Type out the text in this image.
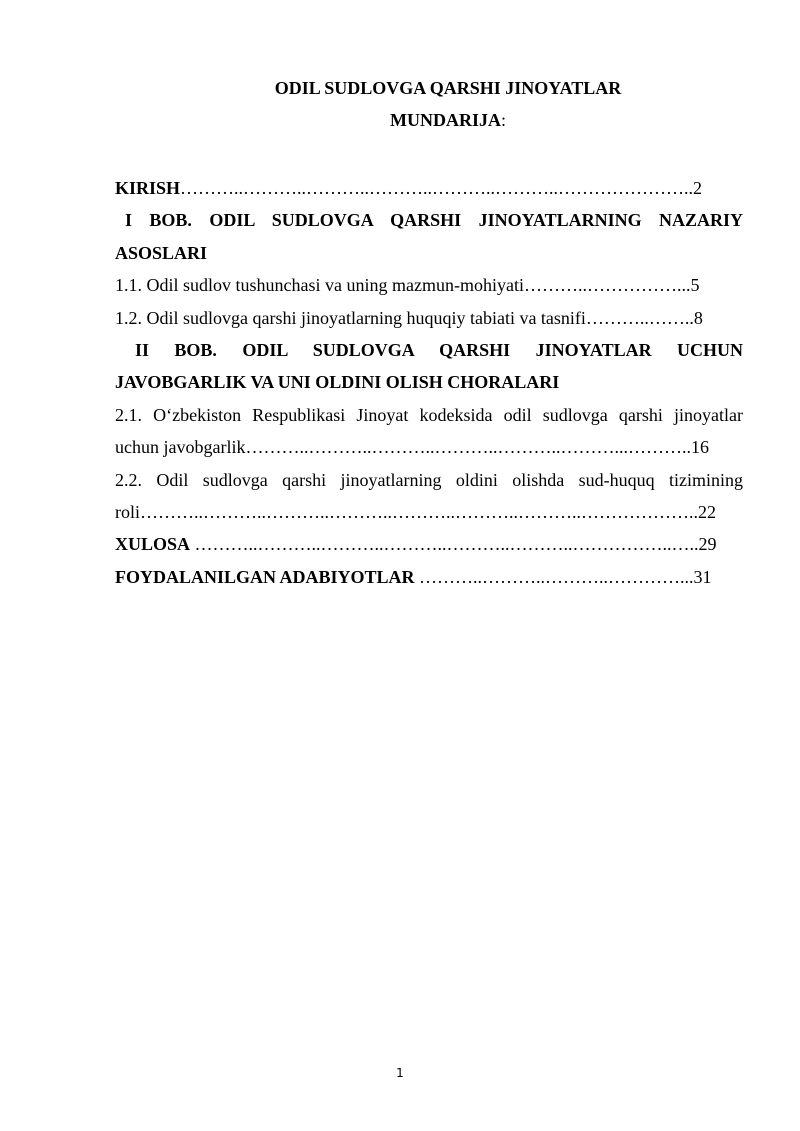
ODIL SUDLOVGA QARSHI JINOYATLAR
MUNDARIJA:
KIRISH………..………..………..………..………..………..…………………..2
I BOB. ODIL SUDLOVGA QARSHI JINOYATLARNING NAZARIY
ASOSLARI
1.1. Odil sudlov tushunchasi va uning mazmun-mohiyati………..……………...5
1.2. Odil sudlovga qarshi jinoyatlarning huquqiy tabiati va tasnifi………..……..8
II BOB. ODIL SUDLOVGA QARSHI JINOYATLAR UCHUN
JAVOBGARLIK VA UNI OLDINI OLISH CHORALARI
2.1. O‘zbekiston Respublikasi Jinoyat kodeksida odil sudlovga qarshi jinoyatlar
uchun javobgarlik………..………..………..………..………..………...………..16
2.2. Odil sudlovga qarshi jinoyatlarning oldini olishda sud-huquq tizimining
roli………..………..………..………..………..………..………..………………..22
XULOSA ………..………..………..………..………..………..……………..…..29
FOYDALANILGAN ADABIYOTLAR ………..………..………..…………...31
1
